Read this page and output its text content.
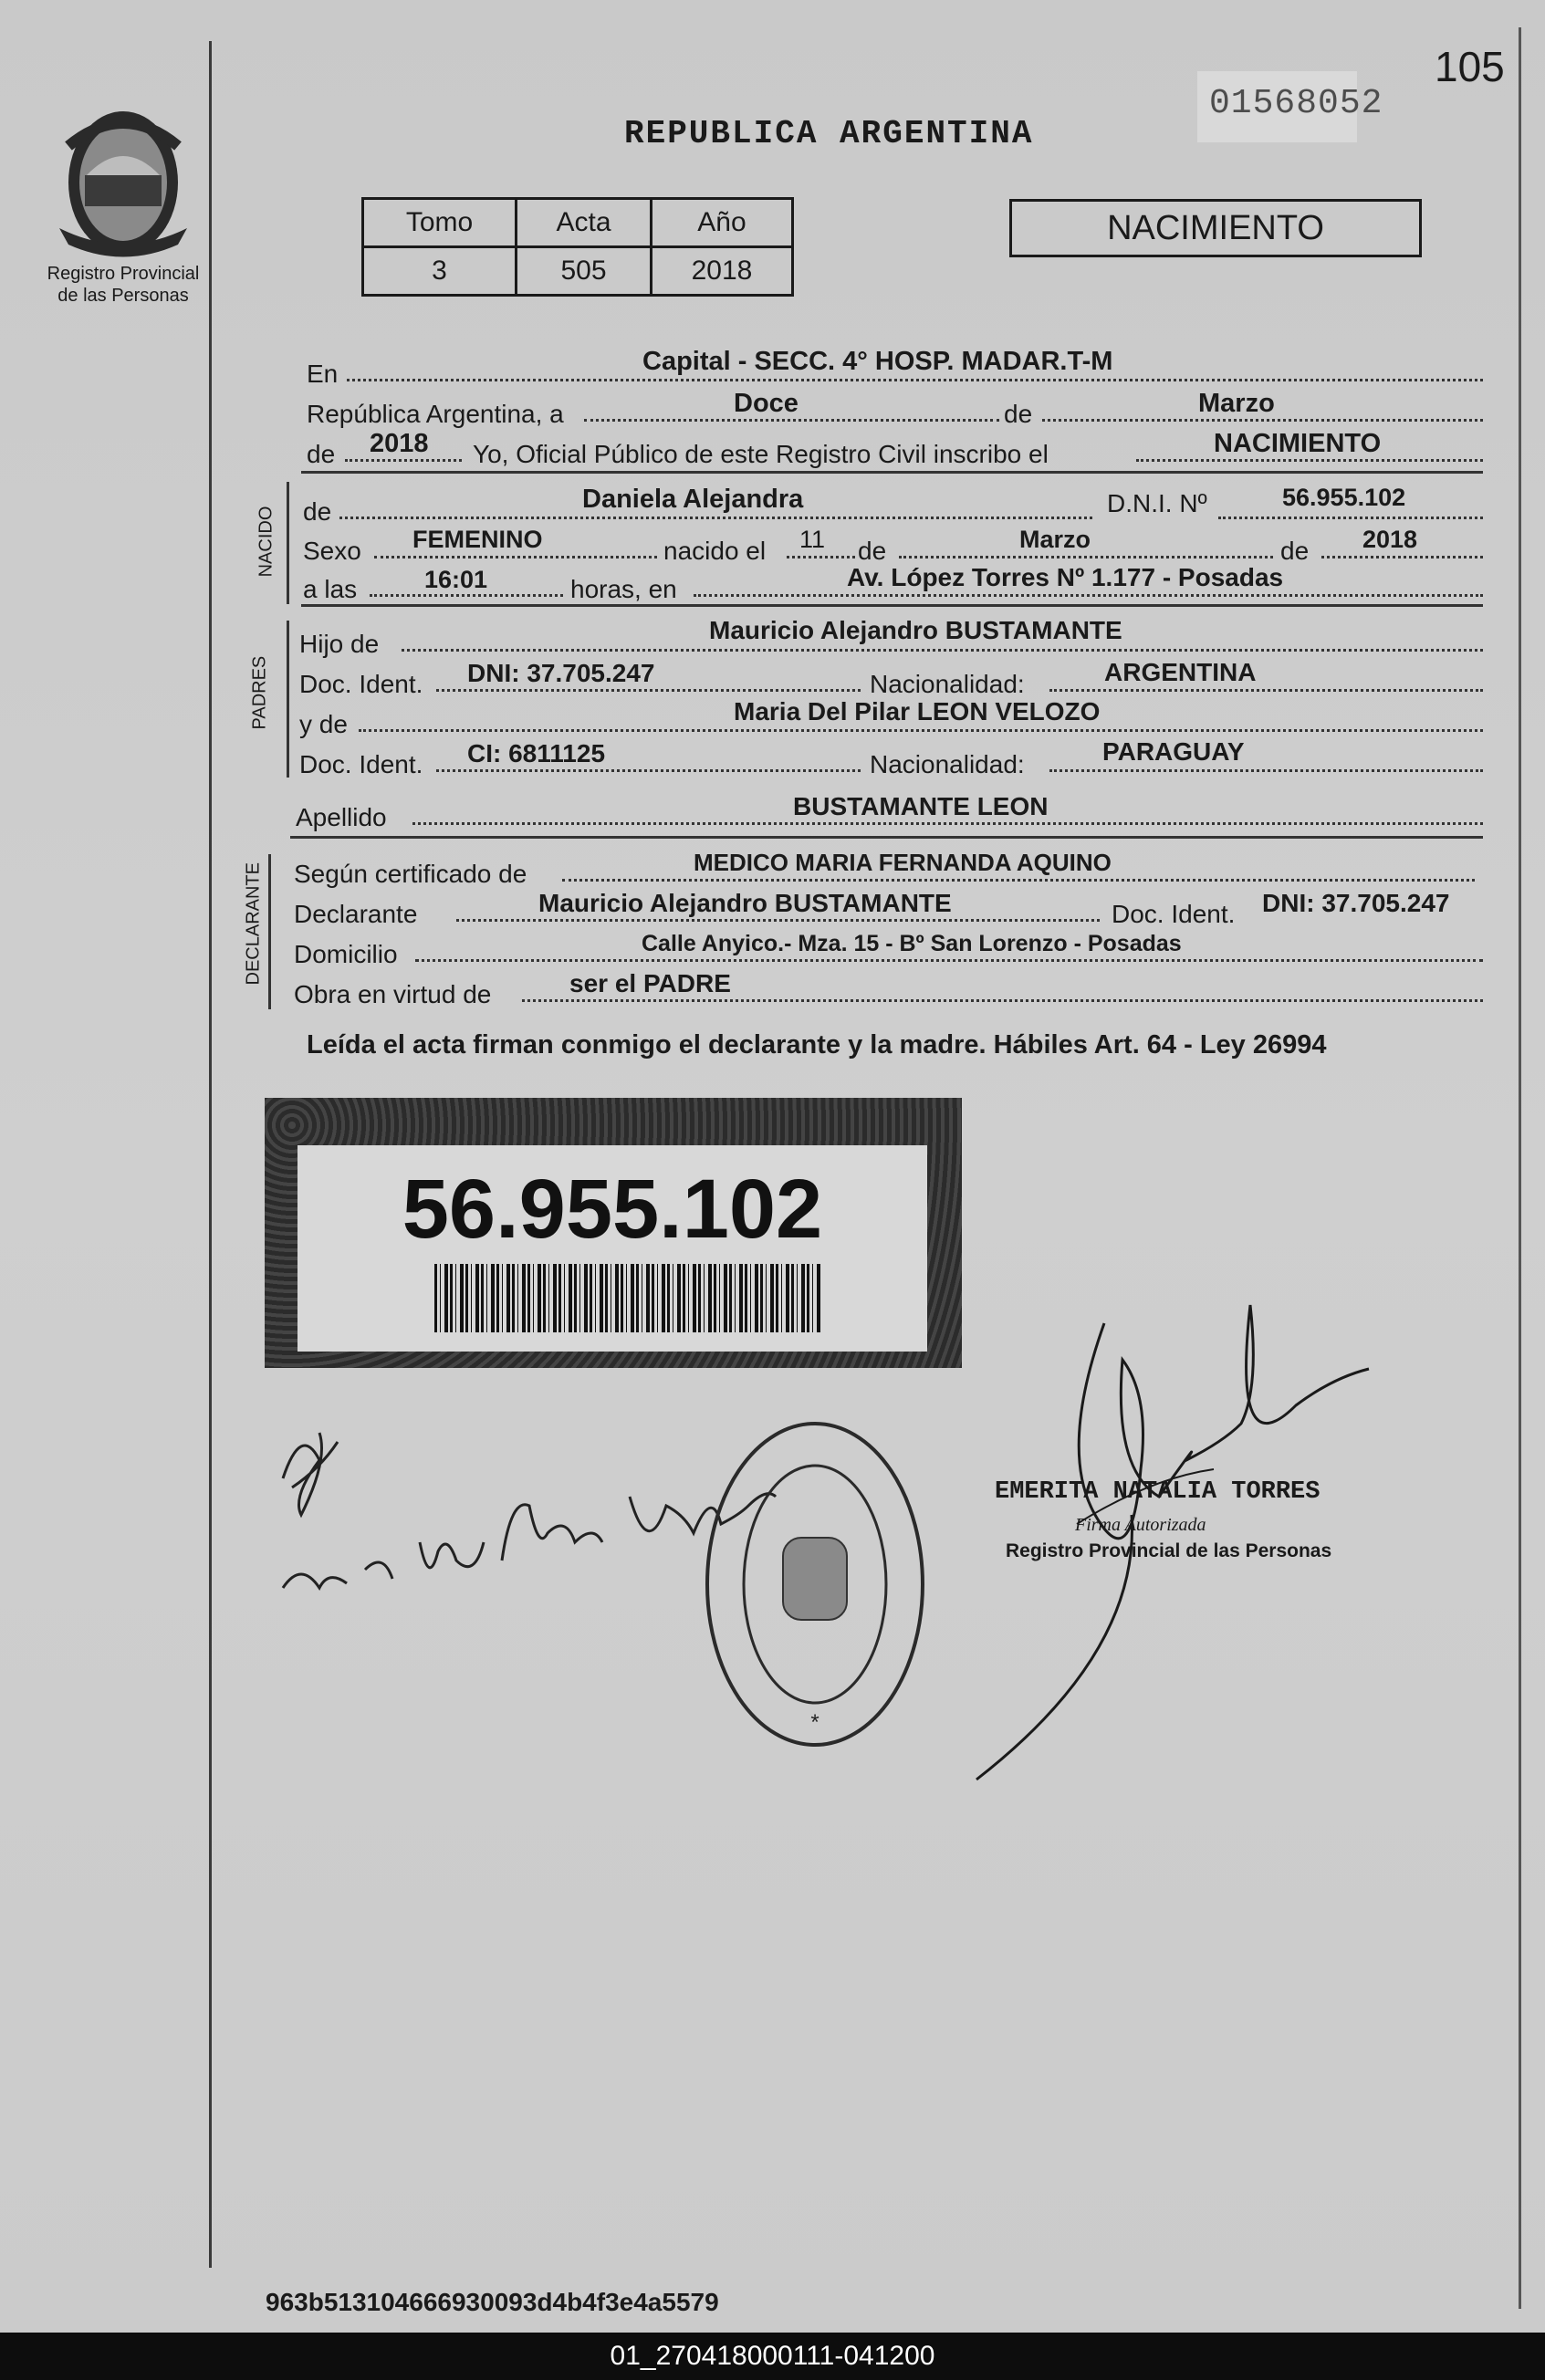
Registro Provincial
de las Personas
105
01568052
REPUBLICA ARGENTINA
Tomo	Acta	Año
3	505	2018
NACIMIENTO
En	Capital - SECC. 4° HOSP. MADAR.T-M
República Argentina, a	Doce	de	Marzo
de 2018 Yo, Oficial Público de este Registro Civil inscribo el	NACIMIENTO
NACIDO de	Daniela Alejandra	D.N.I. Nº	56.955.102
Sexo FEMENINO	nacido el 11 de	Marzo	de 2018
a las	16:01	horas, en	Av. López Torres Nº 1.177 - Posadas
PADRES
Hijo de	Mauricio Alejandro BUSTAMANTE
Doc. Ident. DNI: 37.705.247	Nacionalidad:	ARGENTINA
y de	Maria Del Pilar LEON VELOZO
Doc. Ident. CI: 6811125	Nacionalidad:	PARAGUAY
Apellido	BUSTAMANTE LEON
DECLARANTE Según certificado de	MEDICO MARIA FERNANDA AQUINO
Declarante	Mauricio Alejandro BUSTAMANTE	Doc. Ident. DNI: 37.705.247
Domicilio	Calle Anyico.- Mza. 15 - Bº San Lorenzo - Posadas
Obra en virtud de	ser el PADRE
Leída el acta firman conmigo el declarante y la madre. Hábiles Art. 64 - Ley 26994
56.955.102
*
EMERITA NATALIA TORRES
Firma Autorizada
Registro Provincial de las Personas
963b513104666930093d4b4f3e4a5579
01_270418000111-041200
